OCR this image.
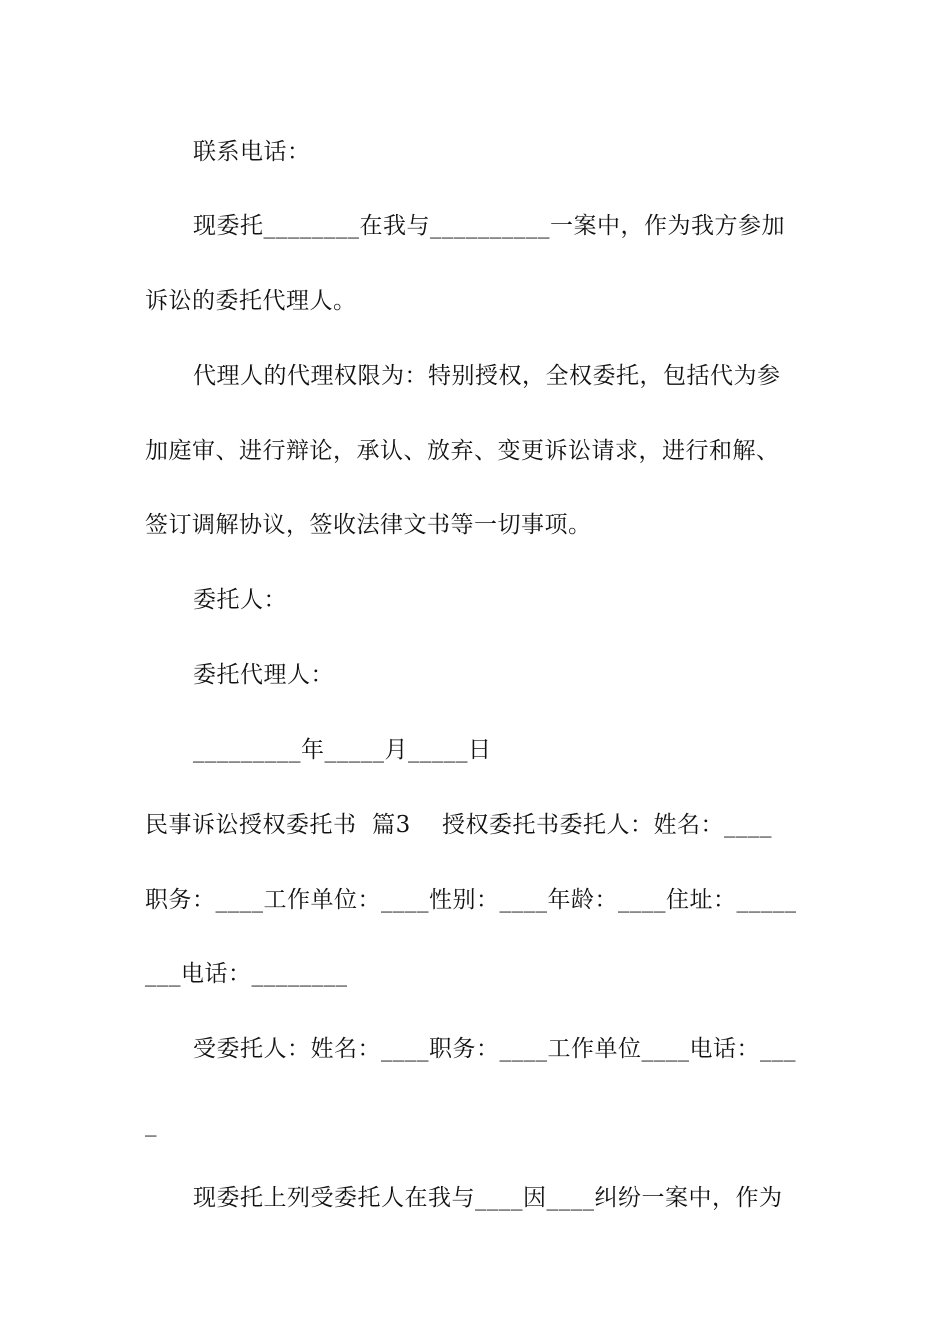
联系电话：
现委托________在我与__________一案中，作为我方参加
诉讼的委托代理人。
代理人的代理权限为：特别授权，全权委托，包括代为参
加庭审、进行辩论，承认、放弃、变更诉讼请求，进行和解、
签订调解协议，签收法律文书等一切事项。
委托人：
委托代理人：
_________年_____月_____日
民事诉讼授权委托书  篇3    授权委托书委托人：姓名：____
职务：____工作单位：____性别：____年龄：____住址：_____
___电话：________
受委托人：姓名：____职务：____工作单位____电话：___
_
现委托上列受委托人在我与____因____纠纷一案中，作为
